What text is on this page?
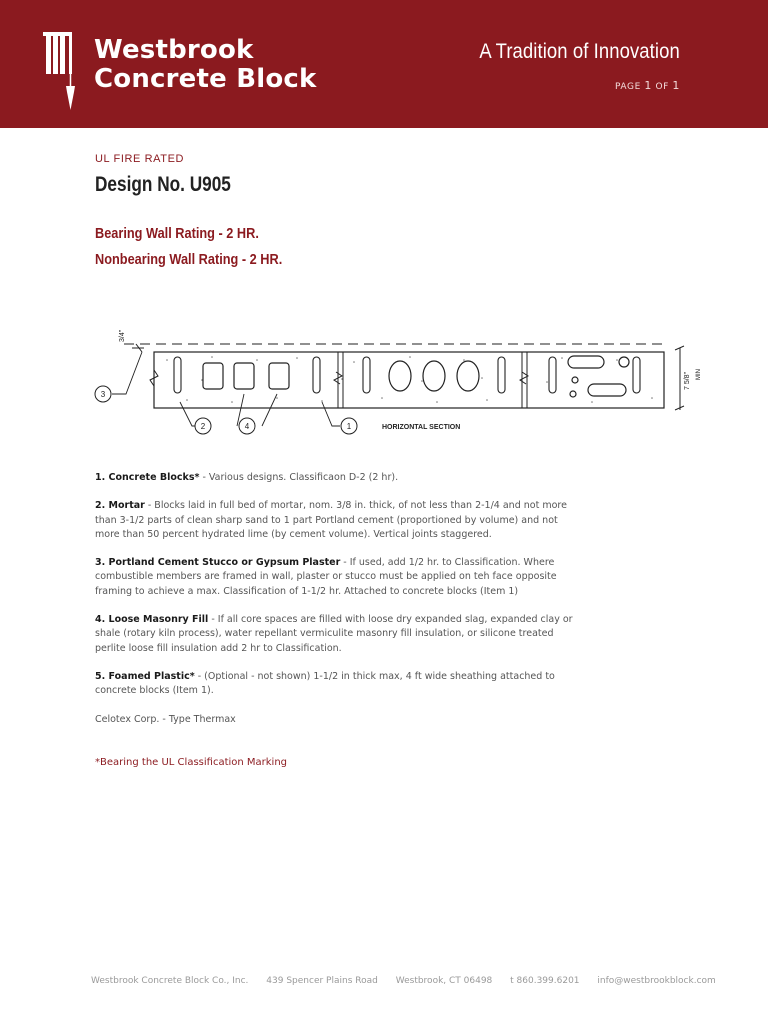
Westbrook
Concrete Block
A Tradition of Innovation
PAGE 1 OF 1
UL FIRE RATED
Design No. U905
Bearing Wall Rating - 2 HR.
Nonbearing Wall Rating - 2 HR.
3/4"
7 5/8" MIN
3
2	4	1	HORIZONTAL SECTION

1. Concrete Blocks* - Various designs. Classificaon D-2 (2 hr).

2. Mortar - Blocks laid in full bed of mortar, nom. 3/8 in. thick, of not less than 2-1/4 and not more than 3-1/2 parts of clean sharp sand to 1 part Portland cement (proportioned by volume) and not more than 50 percent hydrated lime (by cement volume). Vertical joints staggered.

3. Portland Cement Stucco or Gypsum Plaster - If used, add 1/2 hr. to Classification. Where combustible members are framed in wall, plaster or stucco must be applied on teh face opposite framing to achieve a max. Classification of 1-1/2 hr. Attached to concrete blocks (Item 1)

4. Loose Masonry Fill - If all core spaces are filled with loose dry expanded slag, expanded clay or shale (rotary kiln process), water repellant vermiculite masonry fill insulation, or silicone treated perlite loose fill insulation add 2 hr to Classification.

5. Foamed Plastic* - (Optional - not shown) 1-1/2 in thick max, 4 ft wide sheathing attached to concrete blocks (Item 1).

Celotex Corp. - Type Thermax

*Bearing the UL Classification Marking
Westbrook Concrete Block Co., Inc. 439 Spencer Plains Road Westbrook, CT 06498 t 860.399.6201 info@westbrookblock.com
